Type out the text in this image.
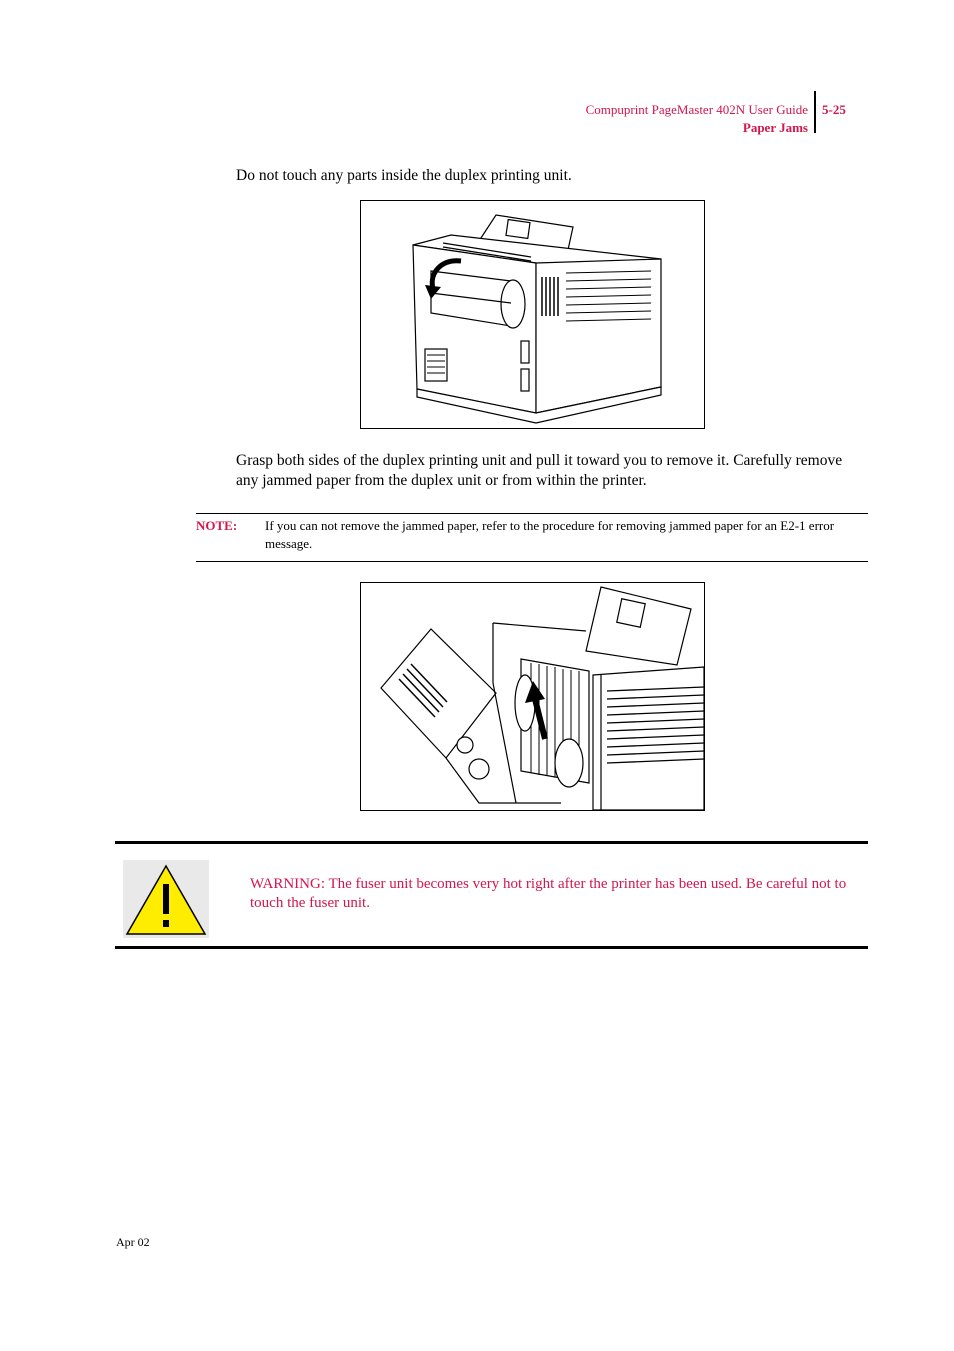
Compuprint PageMaster 402N User Guide
Paper Jams
5-25
Do not touch any parts inside the duplex printing unit.
Grasp both sides of the duplex printing unit and pull it toward you to remove it. Carefully remove any jammed paper from the duplex unit or from within the printer.
NOTE: If you can not remove the jammed paper, refer to the procedure for removing jammed paper for an E2-1 error message.
WARNING: The fuser unit becomes very hot right after the printer has been used. Be careful not to touch the fuser unit.
Apr 02
